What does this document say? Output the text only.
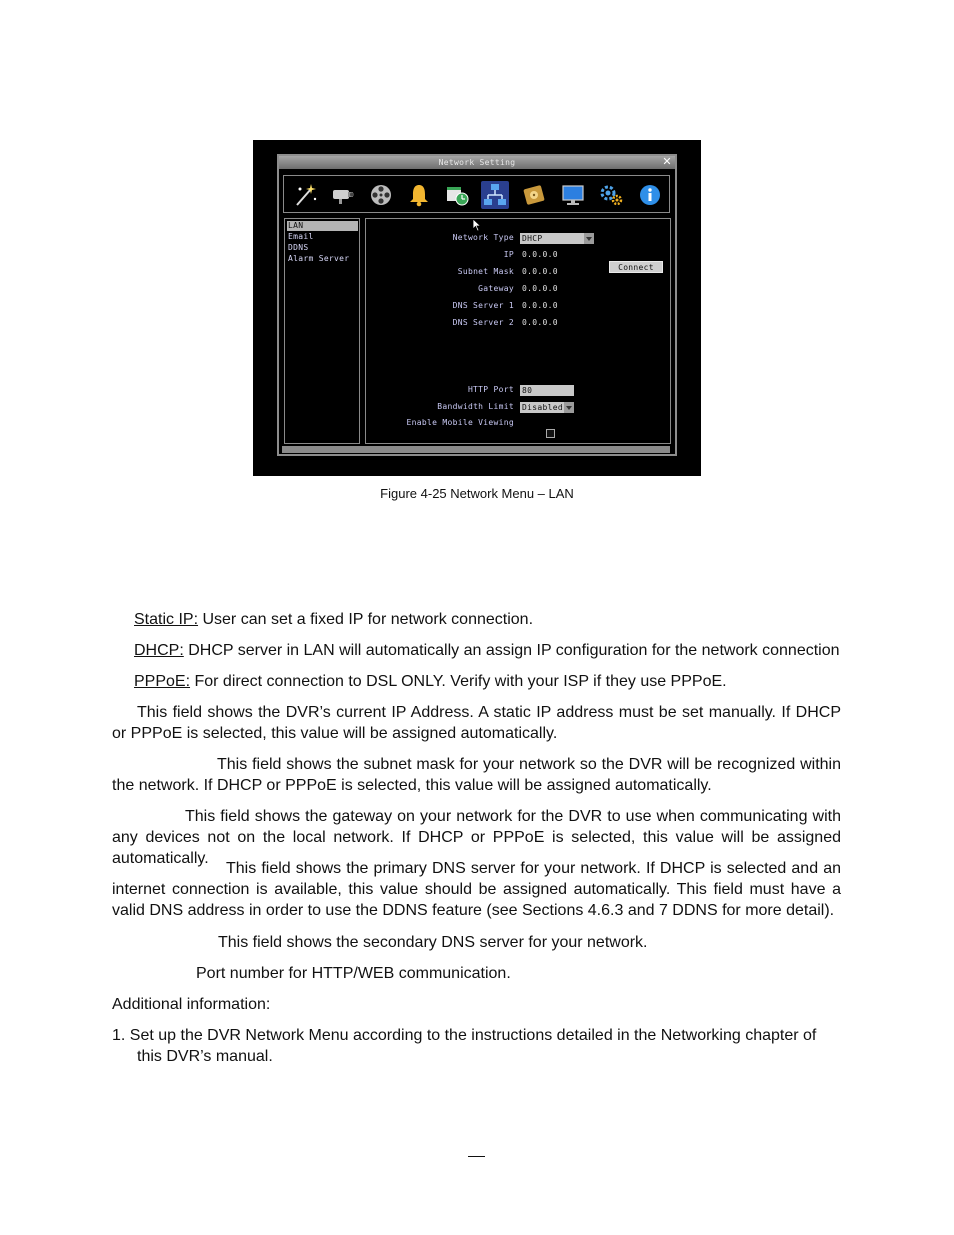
Network Setting	✕
LAN
Email
DDNS
Alarm Server
Network Type DHCP
IP 0.0.0.0
Subnet Mask 0.0.0.0
Gateway 0.0.0.0
DNS Server 1 0.0.0.0
DNS Server 2 0.0.0.0
HTTP Port 80
Bandwidth Limit Disabled
Enable Mobile Viewing
Connect
Figure 4-25 Network Menu – LAN
Static IP: User can set a fixed IP for network connection.
DHCP: DHCP server in LAN will automatically an assign IP configuration for the network connection
PPPoE: For direct connection to DSL ONLY. Verify with your ISP if they use PPPoE.
This field shows the DVR’s current IP Address. A static IP address must be set manually. If DHCP or PPPoE is selected, this value will be assigned automatically.
This field shows the subnet mask for your network so the DVR will be recognized within the network. If DHCP or PPPoE is selected, this value will be assigned automatically.
This field shows the gateway on your network for the DVR to use when communicating with any devices not on the local network. If DHCP or PPPoE is selected, this value will be assigned automatically.
This field shows the primary DNS server for your network. If DHCP is selected and an internet connection is available, this value should be assigned automatically. This field must have a valid DNS address in order to use the DDNS feature (see Sections 4.6.3 and 7 DDNS for more detail).
This field shows the secondary DNS server for your network.
Port number for HTTP/WEB communication.
Additional information:
1. Set up the DVR Network Menu according to the instructions detailed in the Networking chapter of this DVR’s manual.
